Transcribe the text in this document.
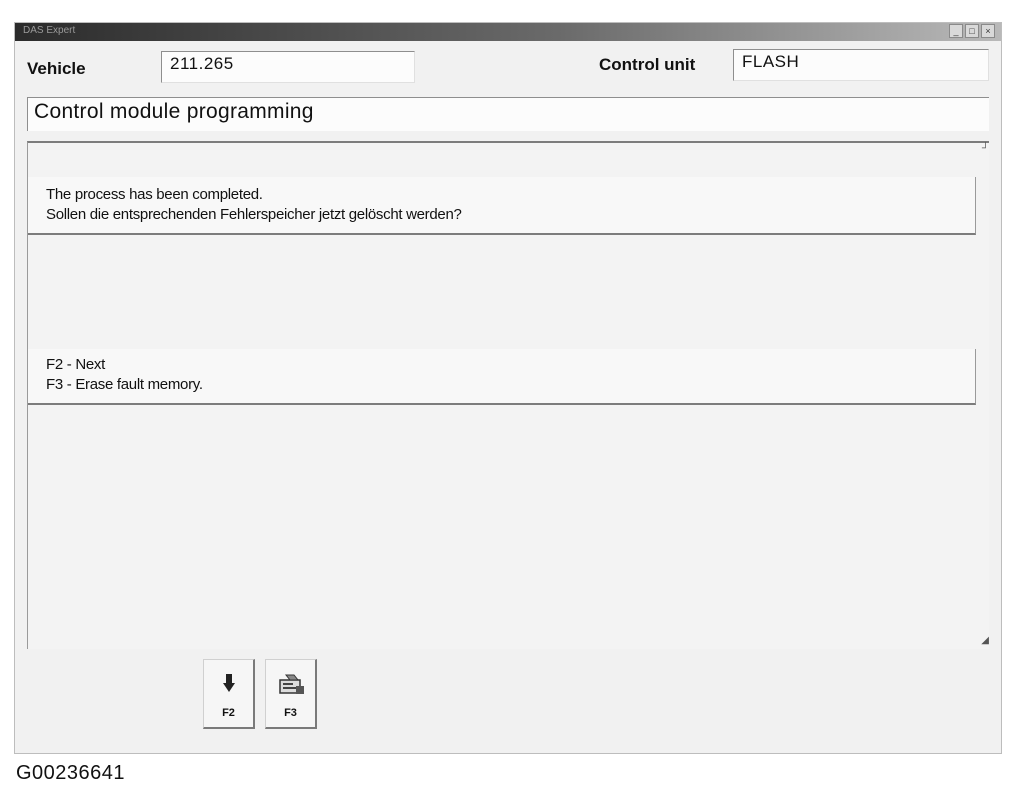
DAS Expert	_	□	×
Vehicle	211.265	Control unit	FLASH
Control module programming
┘
The process has been completed.
Sollen die entsprechenden Fehlerspeicher jetzt gelöscht werden?
F2 - Next
F3 - Erase fault memory.
◢
F2	F3
G00236641
